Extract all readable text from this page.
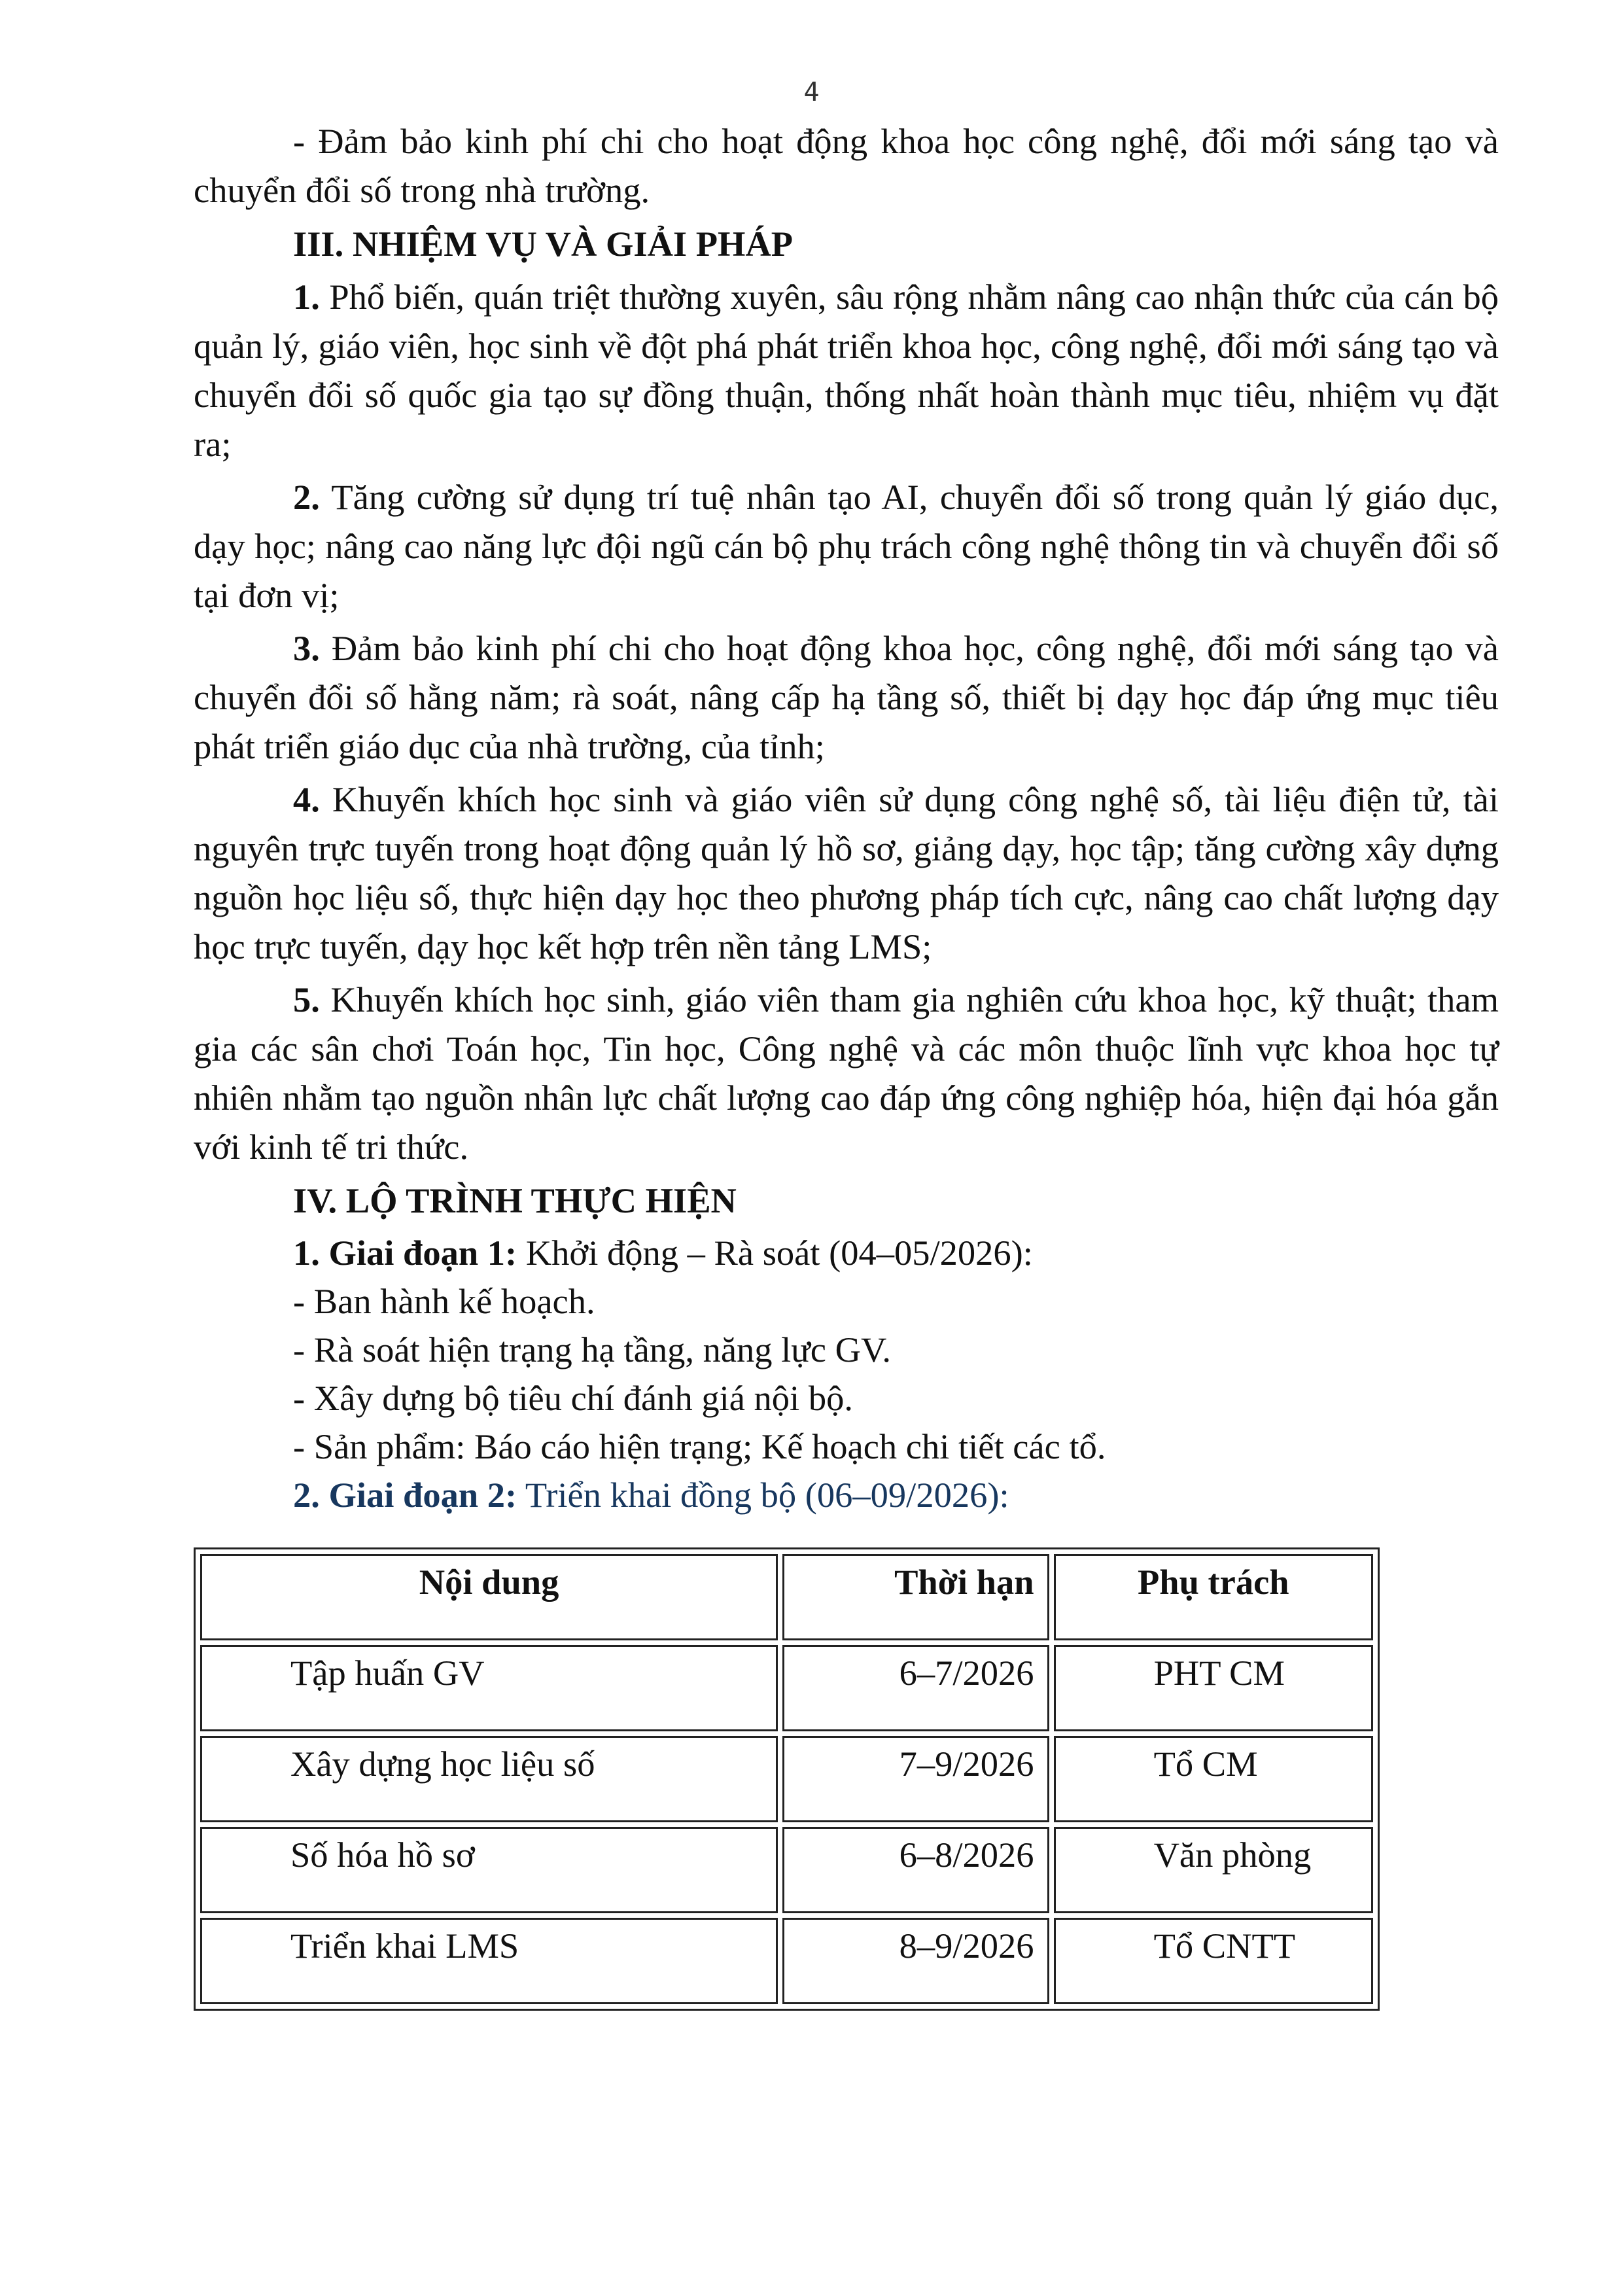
4

- Đảm bảo kinh phí chi cho hoạt động khoa học công nghệ, đổi mới sáng tạo và chuyển đổi số trong nhà trường.

III. NHIỆM VỤ VÀ GIẢI PHÁP

1. Phổ biến, quán triệt thường xuyên, sâu rộng nhằm nâng cao nhận thức của cán bộ quản lý, giáo viên, học sinh về đột phá phát triển khoa học, công nghệ, đổi mới sáng tạo và chuyển đổi số quốc gia tạo sự đồng thuận, thống nhất hoàn thành mục tiêu, nhiệm vụ đặt ra;

2. Tăng cường sử dụng trí tuệ nhân tạo AI, chuyển đổi số trong quản lý giáo dục, dạy học; nâng cao năng lực đội ngũ cán bộ phụ trách công nghệ thông tin và chuyển đổi số tại đơn vị;

3. Đảm bảo kinh phí chi cho hoạt động khoa học, công nghệ, đổi mới sáng tạo và chuyển đổi số hằng năm; rà soát, nâng cấp hạ tầng số, thiết bị dạy học đáp ứng mục tiêu phát triển giáo dục của nhà trường, của tỉnh;

4. Khuyến khích học sinh và giáo viên sử dụng công nghệ số, tài liệu điện tử, tài nguyên trực tuyến trong hoạt động quản lý hồ sơ, giảng dạy, học tập; tăng cường xây dựng nguồn học liệu số, thực hiện dạy học theo phương pháp tích cực, nâng cao chất lượng dạy học trực tuyến, dạy học kết hợp trên nền tảng LMS;

5. Khuyến khích học sinh, giáo viên tham gia nghiên cứu khoa học, kỹ thuật; tham gia các sân chơi Toán học, Tin học, Công nghệ và các môn thuộc lĩnh vực khoa học tự nhiên nhằm tạo nguồn nhân lực chất lượng cao đáp ứng công nghiệp hóa, hiện đại hóa gắn với kinh tế tri thức.

IV. LỘ TRÌNH THỰC HIỆN

1. Giai đoạn 1: Khởi động – Rà soát (04–05/2026):

- Ban hành kế hoạch.

- Rà soát hiện trạng hạ tầng, năng lực GV.

- Xây dựng bộ tiêu chí đánh giá nội bộ.

- Sản phẩm: Báo cáo hiện trạng; Kế hoạch chi tiết các tổ.

2. Giai đoạn 2: Triển khai đồng bộ (06–09/2026):

Nội dung	Thời hạn	Phụ trách
Tập huấn GV	6–7/2026	PHT CM
Xây dựng học liệu số	7–9/2026	Tổ CM
Số hóa hồ sơ	6–8/2026	Văn phòng
Triển khai LMS	8–9/2026	Tổ CNTT
